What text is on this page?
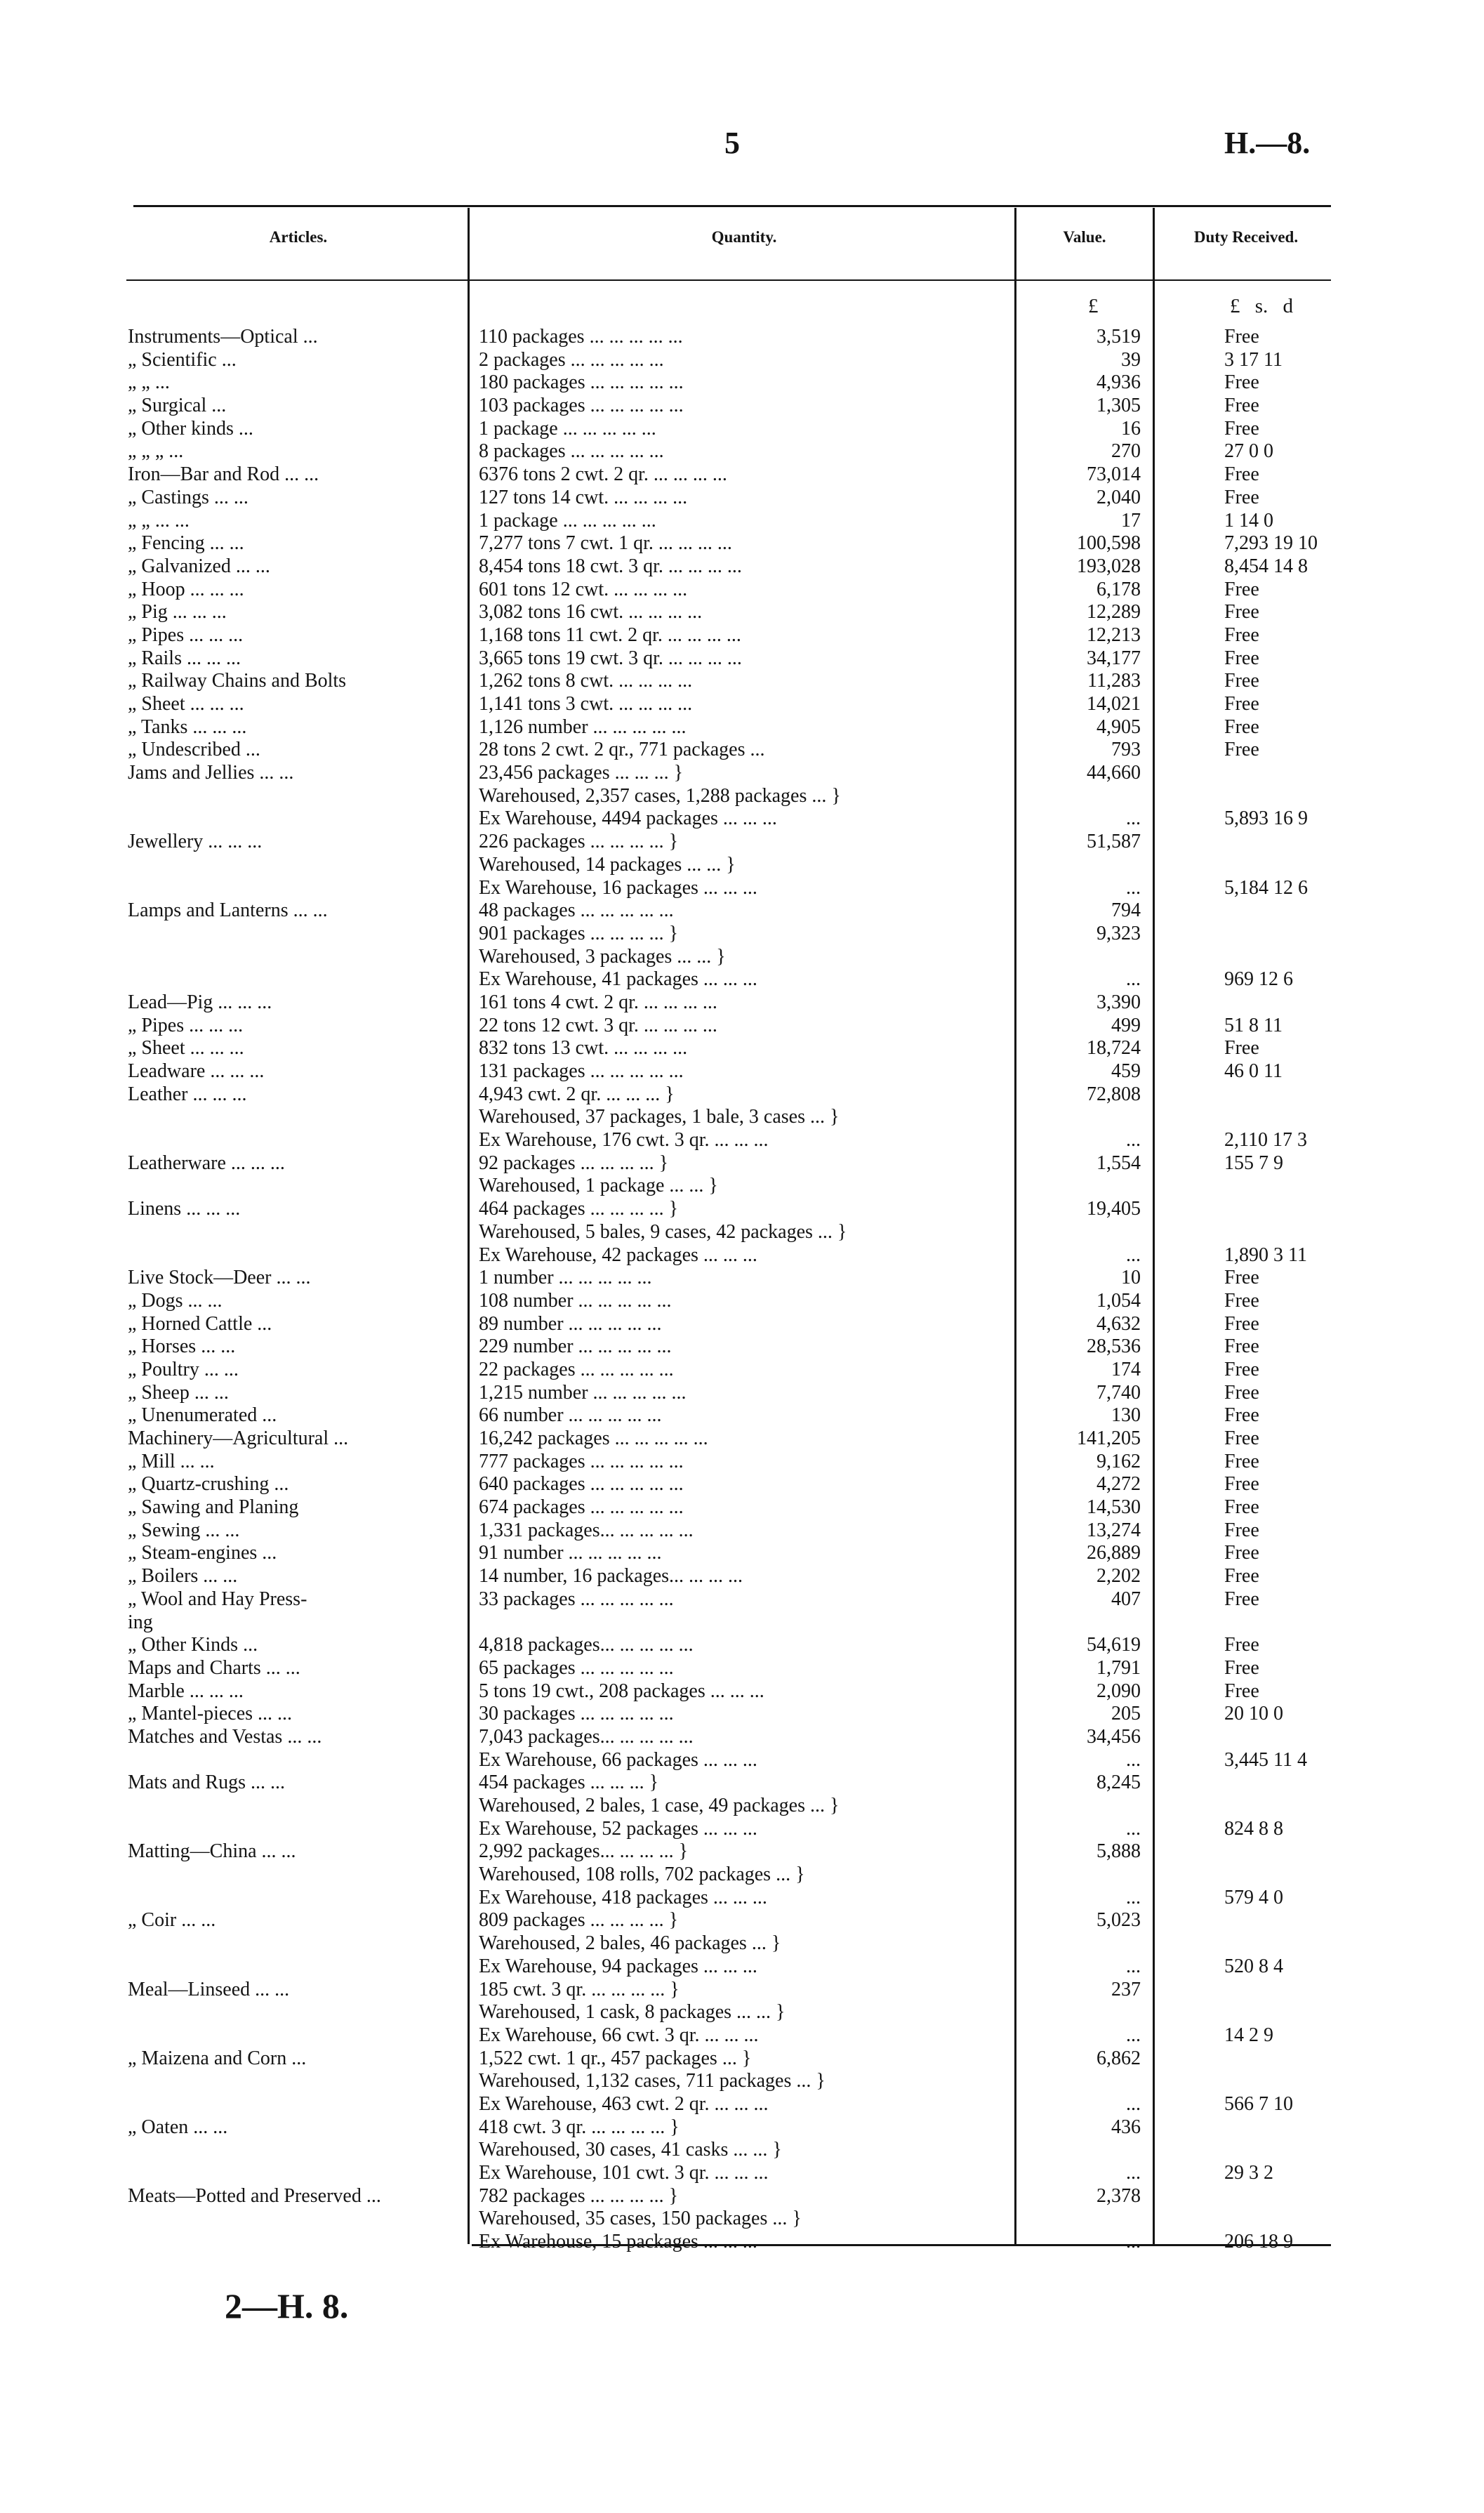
5	H.—8.
Articles.	Quantity.	Value.	Duty Received.
£	£ s. d
Instruments—Optical ...	110 packages ... ... ... ... ...	3,519	Free
„ Scientific ...	2 packages ... ... ... ... ...	39	3 17 11
„ „ ...	180 packages ... ... ... ... ...	4,936	Free
„ Surgical ...	103 packages ... ... ... ... ...	1,305	Free
„ Other kinds ...	1 package ... ... ... ... ...	16	Free
„ „ „ ...	8 packages ... ... ... ... ...	270	27 0 0
Iron—Bar and Rod ... ...	6376 tons 2 cwt. 2 qr. ... ... ... ...	73,014	Free
„ Castings ... ...	127 tons 14 cwt. ... ... ... ...	2,040	Free
„ „ ... ...	1 package ... ... ... ... ...	17	1 14 0
„ Fencing ... ...	7,277 tons 7 cwt. 1 qr. ... ... ... ...	100,598	7,293 19 10
„ Galvanized ... ...	8,454 tons 18 cwt. 3 qr. ... ... ... ...	193,028	8,454 14 8
„ Hoop ... ... ...	601 tons 12 cwt. ... ... ... ...	6,178	Free
„ Pig ... ... ...	3,082 tons 16 cwt. ... ... ... ...	12,289	Free
„ Pipes ... ... ...	1,168 tons 11 cwt. 2 qr. ... ... ... ...	12,213	Free
„ Rails ... ... ...	3,665 tons 19 cwt. 3 qr. ... ... ... ...	34,177	Free
„ Railway Chains and Bolts	1,262 tons 8 cwt. ... ... ... ...	11,283	Free
„ Sheet ... ... ...	1,141 tons 3 cwt. ... ... ... ...	14,021	Free
„ Tanks ... ... ...	1,126 number ... ... ... ... ...	4,905	Free
„ Undescribed ...	28 tons 2 cwt. 2 qr., 771 packages ...	793	Free
Jams and Jellies ... ...	23,456 packages ... ... ... }	44,660
Warehoused, 2,357 cases, 1,288 packages ... }
Ex Warehouse, 4494 packages ... ... ...	...	5,893 16 9
Jewellery ... ... ...	226 packages ... ... ... ... }	51,587
Warehoused, 14 packages ... ... }
Ex Warehouse, 16 packages ... ... ...	...	5,184 12 6
Lamps and Lanterns ... ...	48 packages ... ... ... ... ...	794
901 packages ... ... ... ... }	9,323
Warehoused, 3 packages ... ... }
Ex Warehouse, 41 packages ... ... ...	...	969 12 6
Lead—Pig ... ... ...	161 tons 4 cwt. 2 qr. ... ... ... ...	3,390
„ Pipes ... ... ...	22 tons 12 cwt. 3 qr. ... ... ... ...	499	51 8 11
„ Sheet ... ... ...	832 tons 13 cwt. ... ... ... ...	18,724	Free
Leadware ... ... ...	131 packages ... ... ... ... ...	459	46 0 11
Leather ... ... ...	4,943 cwt. 2 qr. ... ... ... }	72,808
Warehoused, 37 packages, 1 bale, 3 cases ... }
Ex Warehouse, 176 cwt. 3 qr. ... ... ...	...	2,110 17 3
Leatherware ... ... ...	92 packages ... ... ... ... }	1,554	155 7 9
Warehoused, 1 package ... ... }
Linens ... ... ...	464 packages ... ... ... ... }	19,405
Warehoused, 5 bales, 9 cases, 42 packages ... }
Ex Warehouse, 42 packages ... ... ...	...	1,890 3 11
Live Stock—Deer ... ...	1 number ... ... ... ... ...	10	Free
„ Dogs ... ...	108 number ... ... ... ... ...	1,054	Free
„ Horned Cattle ...	89 number ... ... ... ... ...	4,632	Free
„ Horses ... ...	229 number ... ... ... ... ...	28,536	Free
„ Poultry ... ...	22 packages ... ... ... ... ...	174	Free
„ Sheep ... ...	1,215 number ... ... ... ... ...	7,740	Free
„ Unenumerated ...	66 number ... ... ... ... ...	130	Free
Machinery—Agricultural ...	16,242 packages ... ... ... ... ...	141,205	Free
„ Mill ... ...	777 packages ... ... ... ... ...	9,162	Free
„ Quartz-crushing ...	640 packages ... ... ... ... ...	4,272	Free
„ Sawing and Planing	674 packages ... ... ... ... ...	14,530	Free
„ Sewing ... ...	1,331 packages... ... ... ... ...	13,274	Free
„ Steam-engines ...	91 number ... ... ... ... ...	26,889	Free
„ Boilers ... ...	14 number, 16 packages... ... ... ...	2,202	Free
„ Wool and Hay Press-	33 packages ... ... ... ... ...	407	Free
ing
„ Other Kinds ...	4,818 packages... ... ... ... ...	54,619	Free
Maps and Charts ... ...	65 packages ... ... ... ... ...	1,791	Free
Marble ... ... ...	5 tons 19 cwt., 208 packages ... ... ...	2,090	Free
„ Mantel-pieces ... ...	30 packages ... ... ... ... ...	205	20 10 0
Matches and Vestas ... ...	7,043 packages... ... ... ... ...	34,456
Ex Warehouse, 66 packages ... ... ...	...	3,445 11 4
Mats and Rugs ... ...	454 packages ... ... ... }	8,245
Warehoused, 2 bales, 1 case, 49 packages ... }
Ex Warehouse, 52 packages ... ... ...	...	824 8 8
Matting—China ... ...	2,992 packages... ... ... ... }	5,888
Warehoused, 108 rolls, 702 packages ... }
Ex Warehouse, 418 packages ... ... ...	...	579 4 0
„ Coir ... ...	809 packages ... ... ... ... }	5,023
Warehoused, 2 bales, 46 packages ... }
Ex Warehouse, 94 packages ... ... ...	...	520 8 4
Meal—Linseed ... ...	185 cwt. 3 qr. ... ... ... ... }	237
Warehoused, 1 cask, 8 packages ... ... }
Ex Warehouse, 66 cwt. 3 qr. ... ... ...	...	14 2 9
„ Maizena and Corn ...	1,522 cwt. 1 qr., 457 packages ... }	6,862
Warehoused, 1,132 cases, 711 packages ... }
Ex Warehouse, 463 cwt. 2 qr. ... ... ...	...	566 7 10
„ Oaten ... ...	418 cwt. 3 qr. ... ... ... ... }	436
Warehoused, 30 cases, 41 casks ... ... }
Ex Warehouse, 101 cwt. 3 qr. ... ... ...	...	29 3 2
Meats—Potted and Preserved ...	782 packages ... ... ... ... }	2,378
Warehoused, 35 cases, 150 packages ... }
Ex Warehouse, 15 packages ... ... ...	...	206 18 9
2—H. 8.
